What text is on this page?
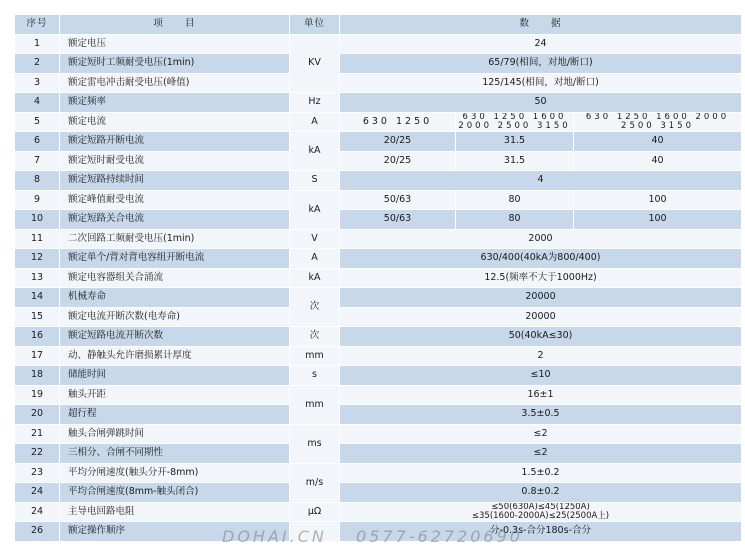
序号	项　　目	单位	数　　据		
1	额定电压	KV	24		
2	额定短时工频耐受电压(1min)		65/79(相间，对地/断口)		
3	额定雷电冲击耐受电压(峰值)		125/145(相间，对地/断口)		
4	额定频率	Hz	50		
5	额定电流	A	630 1250	630 1250 1600 2000 2500 3150	630 1250 1600 2000 2500 3150
6	额定短路开断电流	kA	20/25	31.5	40
7	额定短时耐受电流		20/25	31.5	40
8	额定短路持续时间	S	4		
9	额定峰值耐受电流	kA	50/63	80	100
10	额定短路关合电流		50/63	80	100
11	二次回路工频耐受电压(1min)	V	2000		
12	额定单个/背对背电容组开断电流	A	630/400(40kA为800/400)		
13	额定电容器组关合涌流	kA	12.5(频率不大于1000Hz)		
14	机械寿命	次	20000		
15	额定电流开断次数(电寿命)		20000		
16	额定短路电流开断次数	次	50(40kA≤30)		
17	动、静触头允许磨损累计厚度	mm	2		
18	储能时间	s	≤10		
19	触头开距	mm	16±1		
20	超行程		3.5±0.5		
21	触头合闸弹跳时间	ms	≤2		
22	三相分、合闸不同期性		≤2		
23	平均分闸速度(触头分开-8mm)	m/s	1.5±0.2		
24	平均合闸速度(8mm-触头闭合)		0.8±0.2		
24	主导电回路电阻	μΩ	≤50(630A)≤45(1250A)
≤35(1600-2000A)≤25(2500A上)		

26	额定操作顺序		分-0.3s-合分180s-合分		
DOHAI.CN 0577-62720690
